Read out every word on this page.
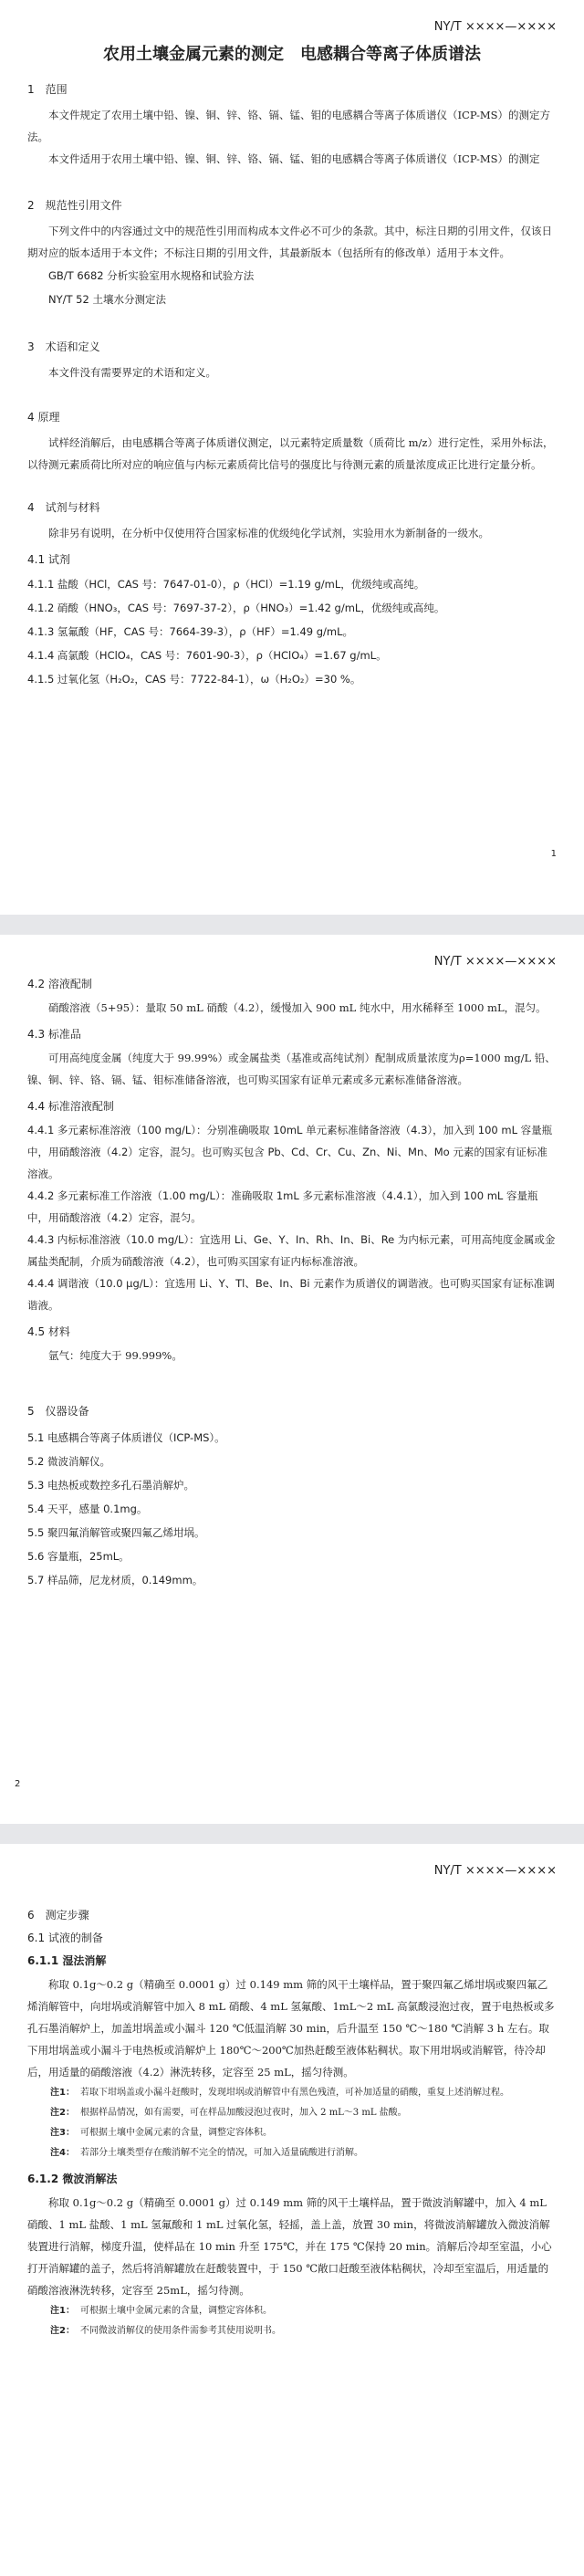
NY/T ××××—××××
农用土壤金属元素的测定　电感耦合等离子体质谱法
1 范围

本文件规定了农用土壤中铅、镍、铜、锌、铬、镉、锰、钼的电感耦合等离子体质谱仪（ICP-MS）的测定方法。

本文件适用于农用土壤中铅、镍、铜、锌、铬、镉、锰、钼的电感耦合等离子体质谱仪（ICP-MS）的测定

2 规范性引用文件

下列文件中的内容通过文中的规范性引用而构成本文件必不可少的条款。其中，标注日期的引用文件，仅该日期对应的版本适用于本文件；不标注日期的引用文件，其最新版本（包括所有的修改单）适用于本文件。

GB/T 6682 分析实验室用水规格和试验方法

NY/T 52 土壤水分测定法

3 术语和定义

本文件没有需要界定的术语和定义。

4 原理

试样经消解后，由电感耦合等离子体质谱仪测定，以元素特定质量数（质荷比 m/z）进行定性，采用外标法，以待测元素质荷比所对应的响应值与内标元素质荷比信号的强度比与待测元素的质量浓度成正比进行定量分析。

4 试剂与材料

除非另有说明，在分析中仅使用符合国家标准的优级纯化学试剂，实验用水为新制备的一级水。

4.1 试剂

4.1.1 盐酸（HCl，CAS 号：7647-01-0），ρ（HCl）=1.19 g/mL，优级纯或高纯。

4.1.2 硝酸（HNO₃，CAS 号：7697-37-2），ρ（HNO₃）=1.42 g/mL，优级纯或高纯。

4.1.3 氢氟酸（HF，CAS 号：7664-39-3），ρ（HF）=1.49 g/mL。

4.1.4 高氯酸（HClO₄，CAS 号：7601-90-3），ρ（HClO₄）=1.67 g/mL。

4.1.5 过氧化氢（H₂O₂，CAS 号：7722-84-1），ω（H₂O₂）=30 %。

1
NY/T ××××—××××
4.2 溶液配制

硝酸溶液（5+95）：量取 50 mL 硝酸（4.2），缓慢加入 900 mL 纯水中，用水稀释至 1000 mL，混匀。

4.3 标准品

可用高纯度金属（纯度大于 99.99%）或金属盐类（基准或高纯试剂）配制成质量浓度为ρ=1000 mg/L 铅、镍、铜、锌、铬、镉、锰、钼标准储备溶液，也可购买国家有证单元素或多元素标准储备溶液。

4.4 标准溶液配制

4.4.1 多元素标准溶液（100 mg/L）：分别准确吸取 10mL 单元素标准储备溶液（4.3），加入到 100 mL 容量瓶中，用硝酸溶液（4.2）定容，混匀。也可购买包含 Pb、Cd、Cr、Cu、Zn、Ni、Mn、Mo 元素的国家有证标准溶液。

4.4.2 多元素标准工作溶液（1.00 mg/L）：准确吸取 1mL 多元素标准溶液（4.4.1），加入到 100 mL 容量瓶中，用硝酸溶液（4.2）定容，混匀。

4.4.3 内标标准溶液（10.0 mg/L）：宜选用 Li、Ge、Y、In、Rh、In、Bi、Re 为内标元素，可用高纯度金属或金属盐类配制，介质为硝酸溶液（4.2），也可购买国家有证内标标准溶液。

4.4.4 调谐液（10.0 μg/L）：宜选用 Li、Y、Tl、Be、In、Bi 元素作为质谱仪的调谐液。也可购买国家有证标准调谐液。

4.5 材料

氩气：纯度大于 99.999%。

5 仪器设备

5.1 电感耦合等离子体质谱仪（ICP-MS）。

5.2 微波消解仪。

5.3 电热板或数控多孔石墨消解炉。

5.4 天平，感量 0.1mg。

5.5 聚四氟消解管或聚四氟乙烯坩埚。

5.6 容量瓶，25mL。

5.7 样品筛，尼龙材质，0.149mm。

2
NY/T ××××—××××
6 测定步骤
6.1 试液的制备
6.1.1 湿法消解

称取 0.1g～0.2 g（精确至 0.0001 g）过 0.149 mm 筛的风干土壤样品，置于聚四氟乙烯坩埚或聚四氟乙烯消解管中，向坩埚或消解管中加入 8 mL 硝酸、4 mL 氢氟酸、1mL～2 mL 高氯酸浸泡过夜，置于电热板或多孔石墨消解炉上，加盖坩埚盖或小漏斗 120 ℃低温消解 30 min，后升温至 150 ℃～180 ℃消解 3 h 左右。取下用坩埚盖或小漏斗于电热板或消解炉上 180℃～200℃加热赶酸至液体粘稠状。取下用坩埚或消解管，待冷却后，用适量的硝酸溶液（4.2）淋洗转移，定容至 25 mL，摇匀待测。

注1： 若取下坩埚盖或小漏斗赶酸时，发现坩埚或消解管中有黑色残渣，可补加适量的硝酸，重复上述消解过程。

注2： 根据样品情况，如有需要，可在样品加酸浸泡过夜时，加入 2 mL～3 mL 盐酸。

注3： 可根据土壤中金属元素的含量，调整定容体积。

注4： 若部分土壤类型存在酸消解不完全的情况，可加入适量硫酸进行消解。

6.1.2 微波消解法

称取 0.1g～0.2 g（精确至 0.0001 g）过 0.149 mm 筛的风干土壤样品，置于微波消解罐中，加入 4 mL 硝酸、1 mL 盐酸、1 mL 氢氟酸和 1 mL 过氧化氢，轻摇，盖上盖，放置 30 min，将微波消解罐放入微波消解装置进行消解，梯度升温，使样品在 10 min 升至 175℃，并在 175 ℃保持 20 min。消解后冷却至室温，小心打开消解罐的盖子，然后将消解罐放在赶酸装置中，于 150 ℃敞口赶酸至液体粘稠状，冷却至室温后，用适量的硝酸溶液淋洗转移，定容至 25mL，摇匀待测。

注1： 可根据土壤中金属元素的含量，调整定容体积。

注2： 不同微波消解仪的使用条件需参考其使用说明书。
